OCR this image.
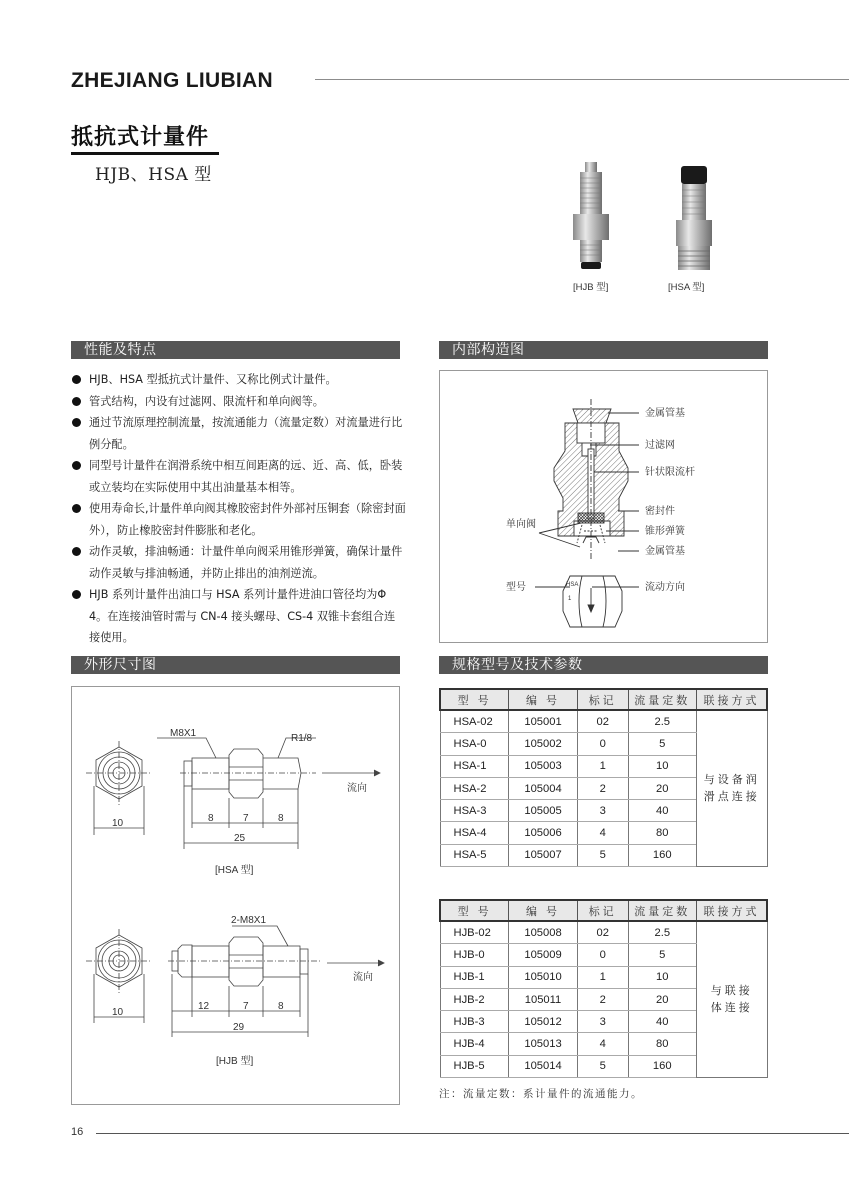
ZHEJIANG LIUBIAN
抵抗式计量件
HJB、HSA 型
[HJB 型]	[HSA 型]
性能及特点
HJB、HSA 型抵抗式计量件、又称比例式计量件。
管式结构，内设有过滤网、限流杆和单向阀等。
通过节流原理控制流量，按流通能力（流量定数）对流量进行比例分配。
同型号计量件在润滑系统中相互间距离的远、近、高、低，卧装或立装均在实际使用中其出油量基本相等。
使用寿命长,计量件单向阀其橡胶密封件外部衬压铜套（除密封面外），防止橡胶密封件膨胀和老化。
动作灵敏，排油畅通：计量件单向阀采用锥形弹簧，确保计量件动作灵敏与排油畅通，并防止排出的油剂逆流。
HJB 系列计量件出油口与 HSA 系列计量件进油口管径均为Φ 4。在连接油管时需与 CN-4 接头螺母、CS-4 双锥卡套组合连接使用。
内部构造图
金属管基
过滤网
针状限流杆
密封件
锥形弹簧
金属管基
单向阀
型号	流动方向
HSA
1
外形尺寸图
M8X1	R1/8
流向
10	8	7	8
25
[HSA 型]
2-M8X1
流向
10
12	7	8
29
[HJB 型]
规格型号及技术参数
型 号	编 号	标记	流量定数	联接方式
HSA-02	105001	02	2.5	与设备润
滑点连接

HSA-0	105002	0	5	
HSA-1	105003	1	10	
HSA-2	105004	2	20	
HSA-3	105005	3	40	
HSA-4	105006	4	80	
HSA-5	105007	5	160	
型 号	编 号	标记	流量定数	联接方式
HJB-02	105008	02	2.5	与联接
体连接

HJB-0	105009	0	5	
HJB-1	105010	1	10	
HJB-2	105011	2	20	
HJB-3	105012	3	40	
HJB-4	105013	4	80	
HJB-5	105014	5	160	
注：流量定数：系计量件的流通能力。
16
